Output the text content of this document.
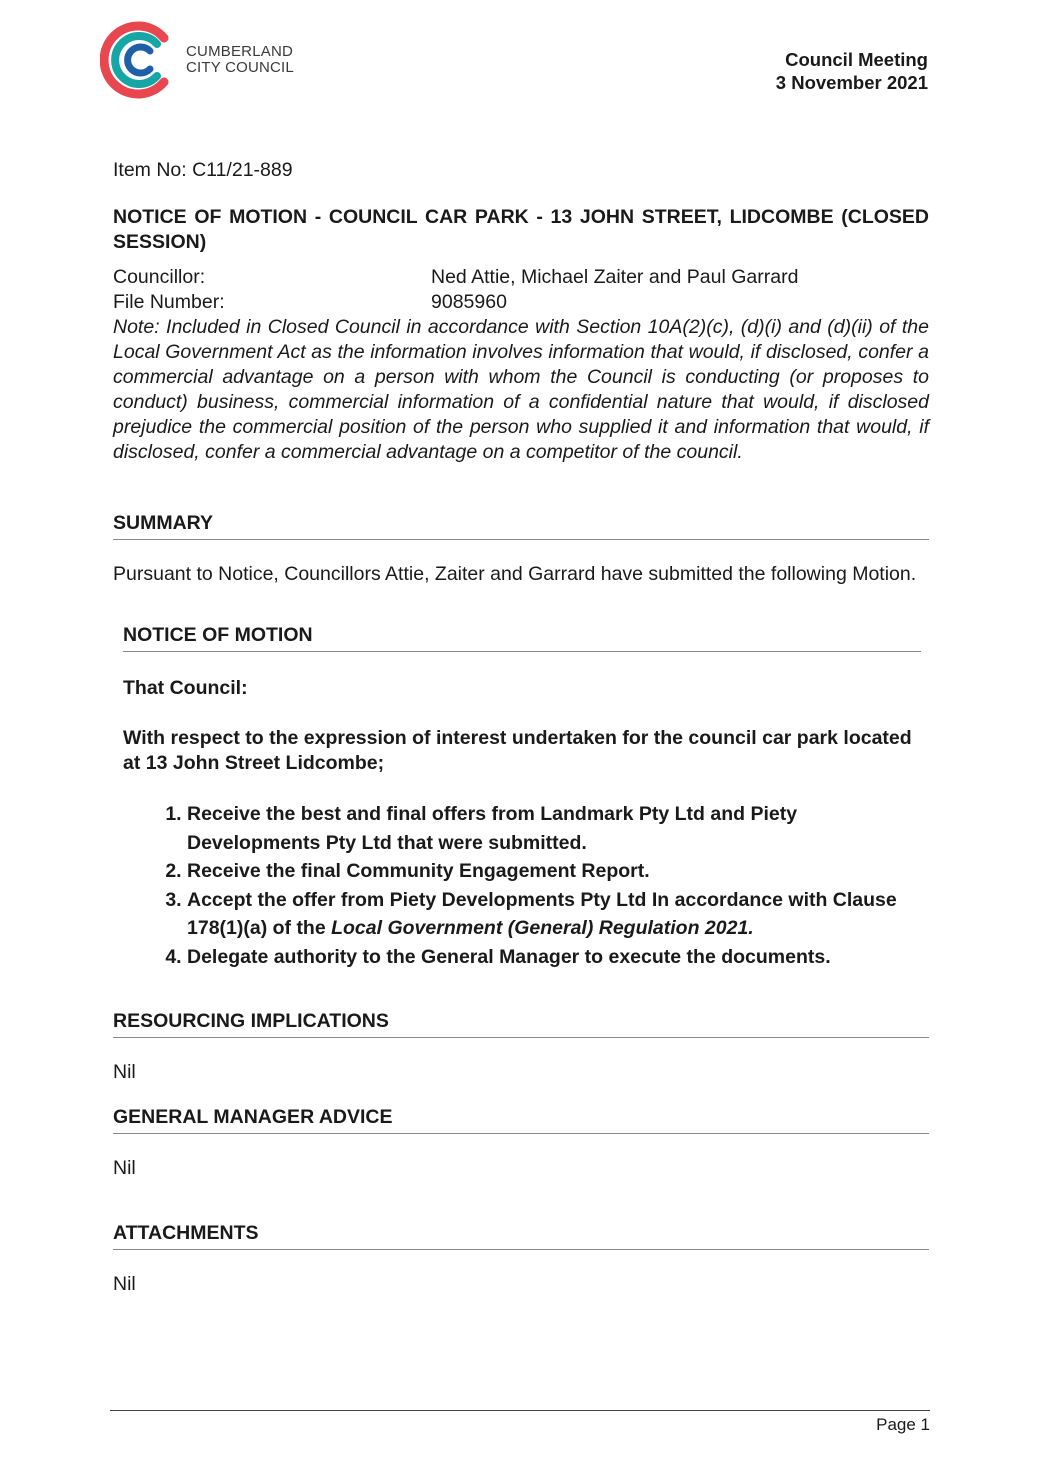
CUMBERLAND
CITY COUNCIL	Council Meeting
3 November 2021

Item No: C11/21-889

NOTICE OF MOTION - COUNCIL CAR PARK - 13 JOHN STREET, LIDCOMBE (CLOSED SESSION)

Councillor:	Ned Attie, Michael Zaiter and Paul Garrard
File Number:	9085960

Note: Included in Closed Council in accordance with Section 10A(2)(c), (d)(i) and (d)(ii) of the Local Government Act as the information involves information that would, if disclosed, confer a commercial advantage on a person with whom the Council is conducting (or proposes to conduct) business, commercial information of a confidential nature that would, if disclosed prejudice the commercial position of the person who supplied it and information that would, if disclosed, confer a commercial advantage on a competitor of the council.

SUMMARY
Pursuant to Notice, Councillors Attie, Zaiter and Garrard have submitted the following Motion.
NOTICE OF MOTION
That Council:
With respect to the expression of interest undertaken for the council car park located at 13 John Street Lidcombe;
1. Receive the best and final offers from Landmark Pty Ltd and Piety Developments Pty Ltd that were submitted.
2. Receive the final Community Engagement Report.
3. Accept the offer from Piety Developments Pty Ltd In accordance with Clause 178(1)(a) of the Local Government (General) Regulation 2021.
4. Delegate authority to the General Manager to execute the documents.
RESOURCING IMPLICATIONS
Nil
GENERAL MANAGER ADVICE
Nil
ATTACHMENTS
Nil
Page 1
